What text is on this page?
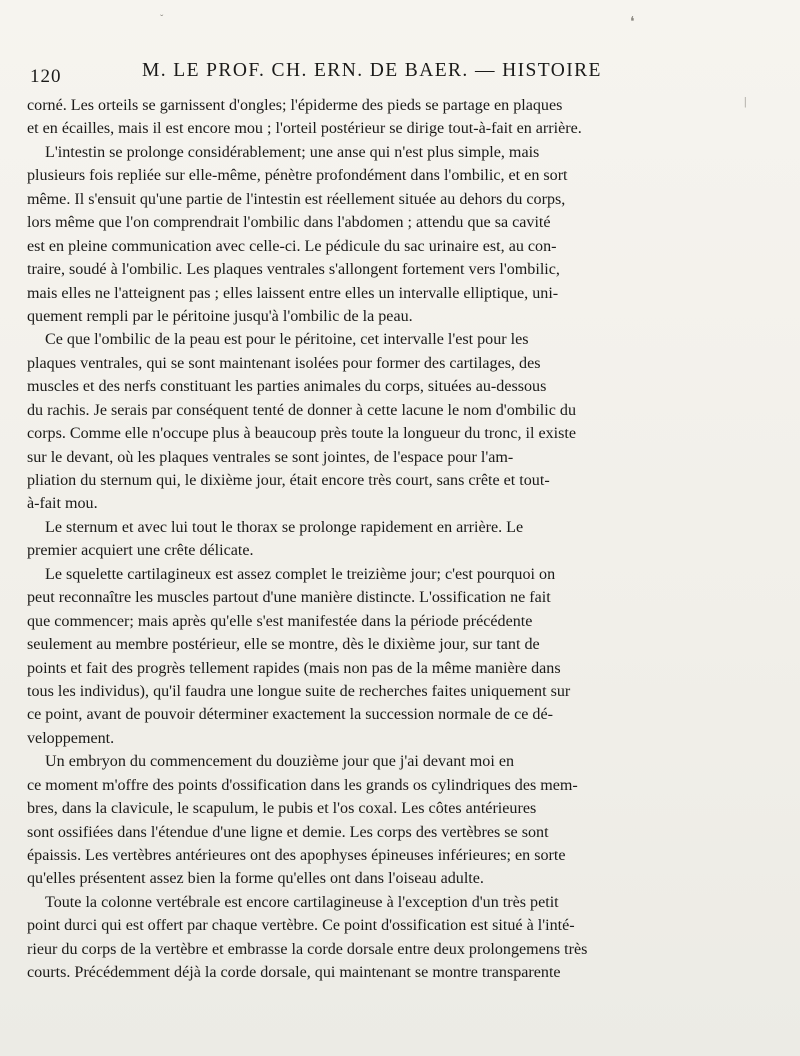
120	M. LE PROF. CH. ERN. DE BAER. — HISTOIRE
corné. Les orteils se garnissent d'ongles; l'épiderme des pieds se partage en plaques
et en écailles, mais il est encore mou ; l'orteil postérieur se dirige tout-à-fait en arrière.
L'intestin se prolonge considérablement; une anse qui n'est plus simple, mais
plusieurs fois repliée sur elle-même, pénètre profondément dans l'ombilic, et en sort
même. Il s'ensuit qu'une partie de l'intestin est réellement située au dehors du corps,
lors même que l'on comprendrait l'ombilic dans l'abdomen ; attendu que sa cavité
est en pleine communication avec celle-ci. Le pédicule du sac urinaire est, au con-
traire, soudé à l'ombilic. Les plaques ventrales s'allongent fortement vers l'ombilic,
mais elles ne l'atteignent pas ; elles laissent entre elles un intervalle elliptique, uni-
quement rempli par le péritoine jusqu'à l'ombilic de la peau.
Ce que l'ombilic de la peau est pour le péritoine, cet intervalle l'est pour les
plaques ventrales, qui se sont maintenant isolées pour former des cartilages, des
muscles et des nerfs constituant les parties animales du corps, situées au-dessous
du rachis. Je serais par conséquent tenté de donner à cette lacune le nom d'ombilic du
corps. Comme elle n'occupe plus à beaucoup près toute la longueur du tronc, il existe
sur le devant, où les plaques ventrales se sont jointes, de l'espace pour l'am-
pliation du sternum qui, le dixième jour, était encore très court, sans crête et tout-
à-fait mou.
Le sternum et avec lui tout le thorax se prolonge rapidement en arrière. Le
premier acquiert une crête délicate.
Le squelette cartilagineux est assez complet le treizième jour; c'est pourquoi on
peut reconnaître les muscles partout d'une manière distincte. L'ossification ne fait
que commencer; mais après qu'elle s'est manifestée dans la période précédente
seulement au membre postérieur, elle se montre, dès le dixième jour, sur tant de
points et fait des progrès tellement rapides (mais non pas de la même manière dans
tous les individus), qu'il faudra une longue suite de recherches faites uniquement sur
ce point, avant de pouvoir déterminer exactement la succession normale de ce dé-
veloppement.
Un embryon du commencement du douzième jour que j'ai devant moi en
ce moment m'offre des points d'ossification dans les grands os cylindriques des mem-
bres, dans la clavicule, le scapulum, le pubis et l'os coxal. Les côtes antérieures
sont ossifiées dans l'étendue d'une ligne et demie. Les corps des vertèbres se sont
épaissis. Les vertèbres antérieures ont des apophyses épineuses inférieures; en sorte
qu'elles présentent assez bien la forme qu'elles ont dans l'oiseau adulte.
Toute la colonne vertébrale est encore cartilagineuse à l'exception d'un très petit
point durci qui est offert par chaque vertèbre. Ce point d'ossification est situé à l'inté-
rieur du corps de la vertèbre et embrasse la corde dorsale entre deux prolongemens très
courts. Précédemment déjà la corde dorsale, qui maintenant se montre transparente
❛
ˇ
|
